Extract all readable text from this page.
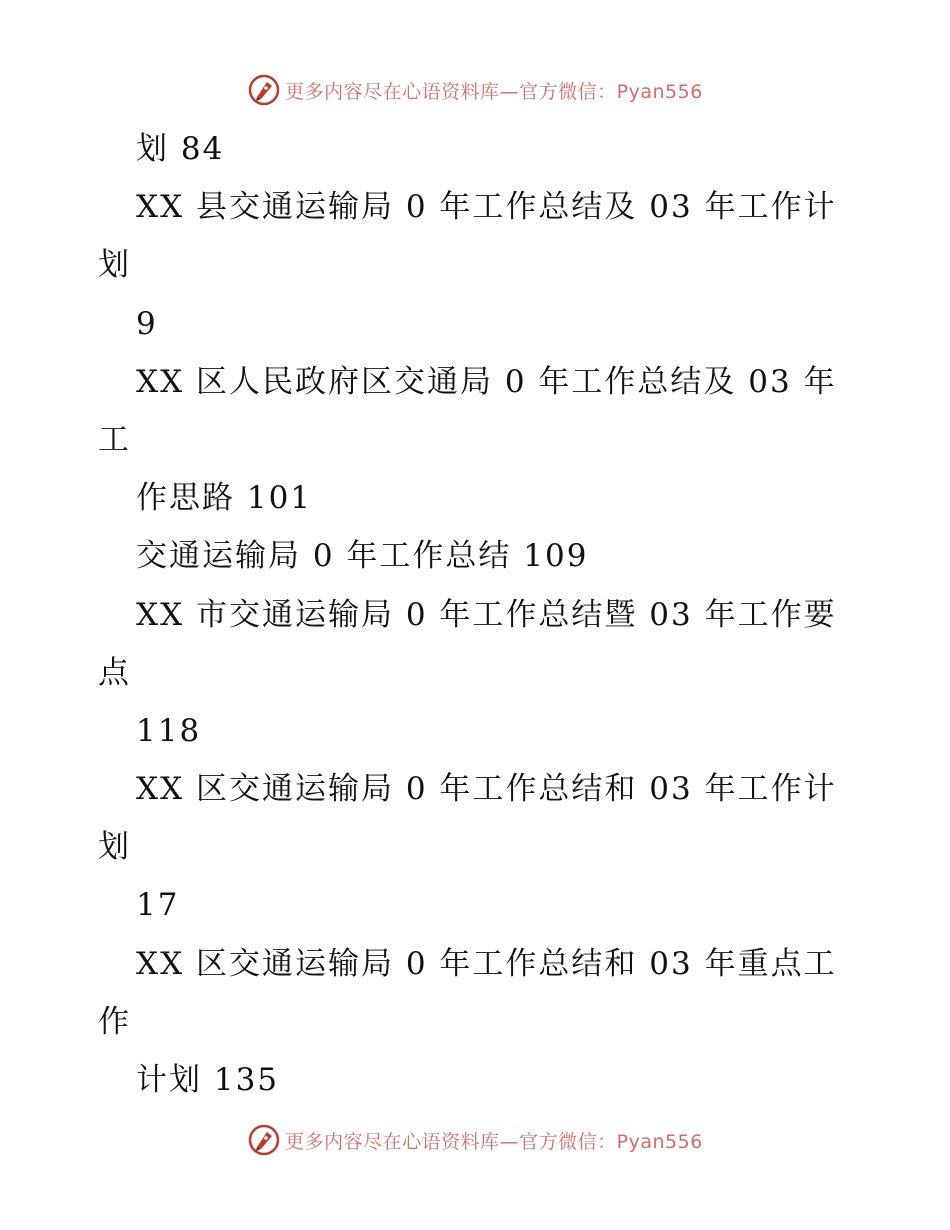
更多内容尽在心语资料库—官方微信：Pyan556
划 84
XX 县交通运输局 0 年工作总结及 03 年工作计
划
9
XX 区人民政府区交通局 0 年工作总结及 03 年
工
作思路 101
交通运输局 0 年工作总结 109
XX 市交通运输局 0 年工作总结暨 03 年工作要
点
118
XX 区交通运输局 0 年工作总结和 03 年工作计
划
17
XX 区交通运输局 0 年工作总结和 03 年重点工
作
计划 135
更多内容尽在心语资料库—官方微信：Pyan556
